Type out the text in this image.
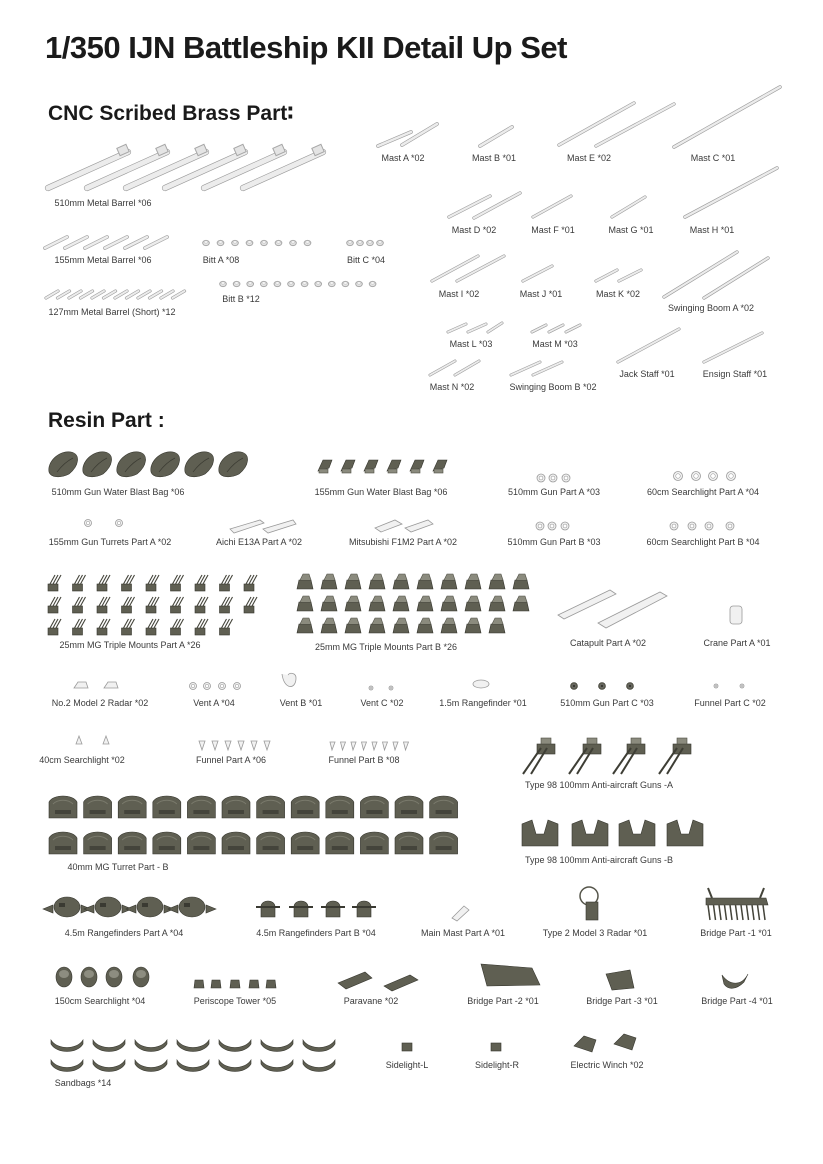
1/350 IJN Battleship KII Detail Up Set
CNC Scribed Brass Part∶
Resin Part :
510mm Metal Barrel *06
155mm Metal Barrel *06
127mm Metal Barrel (Short) *12
Bitt A *08
Bitt B *12
Bitt C *04
Mast A *02	Mast B *01	Mast E *02	Mast C *01
Mast D *02	Mast F *01	Mast G *01	Mast H *01
Mast I *02	Mast J *01	Mast K *02
Swinging Boom A *02
Mast L *03	Mast M *03
Mast N *02	Swinging Boom B *02
Jack Staff *01	Ensign Staff *01
510mm Gun Water Blast Bag *06	155mm Gun Water Blast Bag *06	510mm Gun Part A *03	60cm Searchlight Part A *04
155mm Gun Turrets Part A *02	Aichi E13A Part A *02	Mitsubishi F1M2 Part A *02	510mm Gun Part B *03	60cm Searchlight Part B *04
25mm MG Triple Mounts Part A *26	25mm MG Triple Mounts Part B *26	Catapult Part A *02	Crane Part A *01
No.2 Model 2 Radar *02	Vent A *04	Vent B *01	Vent C *02	1.5m Rangefinder *01	510mm Gun Part C *03	Funnel Part C *02
40cm Searchlight *02	Funnel Part A *06	Funnel Part B *08
Type 98 100mm Anti-aircraft Guns -A
40mm MG Turret Part - B
Type 98 100mm Anti-aircraft Guns -B
4.5m Rangefinders Part A *04	4.5m Rangefinders Part B *04	Main Mast Part A *01	Type 2 Model 3 Radar *01	Bridge Part -1 *01
150cm Searchlight *04	Periscope Tower *05	Paravane *02	Bridge Part -2 *01	Bridge Part -3 *01	Bridge Part -4 *01
Sandbags *14
Sidelight-L	Sidelight-R	Electric Winch *02
